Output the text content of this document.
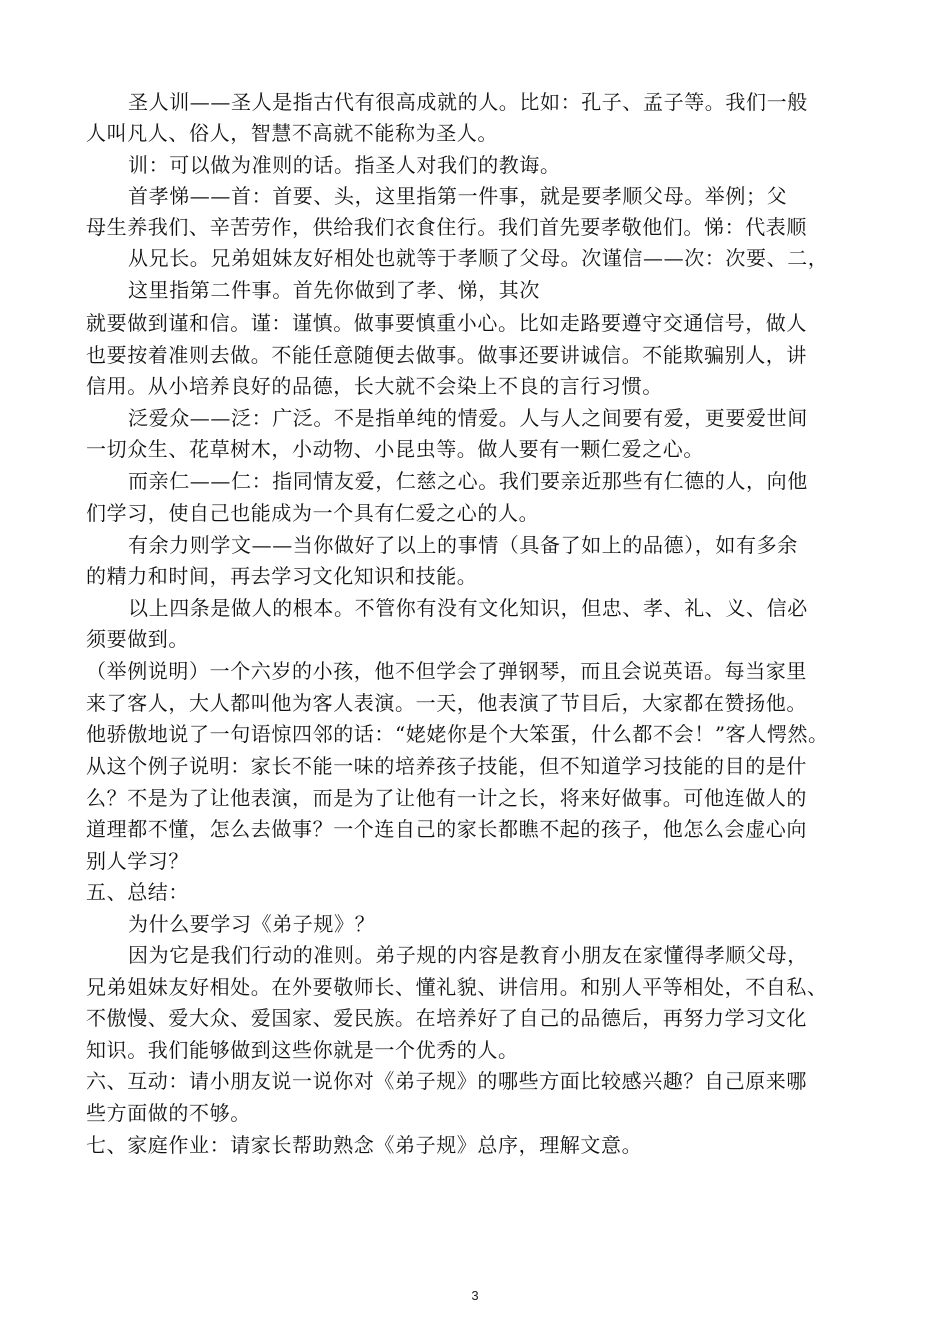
圣人训——圣人是指古代有很高成就的人。比如：孔子、孟子等。我们一般
人叫凡人、俗人，智慧不高就不能称为圣人。
训：可以做为准则的话。指圣人对我们的教诲。
首孝悌——首：首要、头，这里指第一件事，就是要孝顺父母。举例；父
母生养我们、辛苦劳作，供给我们衣食住行。我们首先要孝敬他们。悌：代表顺
从兄长。兄弟姐妹友好相处也就等于孝顺了父母。次谨信——次：次要、二，
这里指第二件事。首先你做到了孝、悌，其次
就要做到谨和信。谨：谨慎。做事要慎重小心。比如走路要遵守交通信号，做人
也要按着准则去做。不能任意随便去做事。做事还要讲诚信。不能欺骗别人，讲
信用。从小培养良好的品德，长大就不会染上不良的言行习惯。
泛爱众——泛：广泛。不是指单纯的情爱。人与人之间要有爱，更要爱世间
一切众生、花草树木，小动物、小昆虫等。做人要有一颗仁爱之心。
而亲仁——仁：指同情友爱，仁慈之心。我们要亲近那些有仁德的人，向他
们学习，使自己也能成为一个具有仁爱之心的人。
有余力则学文——当你做好了以上的事情（具备了如上的品德），如有多余
的精力和时间，再去学习文化知识和技能。
以上四条是做人的根本。不管你有没有文化知识，但忠、孝、礼、义、信必
须要做到。
（举例说明）一个六岁的小孩，他不但学会了弹钢琴，而且会说英语。每当家里
来了客人，大人都叫他为客人表演。一天，他表演了节目后，大家都在赞扬他。
他骄傲地说了一句语惊四邻的话：“姥姥你是个大笨蛋，什么都不会！”客人愕然。
从这个例子说明：家长不能一味的培养孩子技能，但不知道学习技能的目的是什
么？不是为了让他表演，而是为了让他有一计之长，将来好做事。可他连做人的
道理都不懂，怎么去做事？一个连自己的家长都瞧不起的孩子，他怎么会虚心向
别人学习？
五、总结：
为什么要学习《弟子规》？
因为它是我们行动的准则。弟子规的内容是教育小朋友在家懂得孝顺父母，
兄弟姐妹友好相处。在外要敬师长、懂礼貌、讲信用。和别人平等相处，不自私、
不傲慢、爱大众、爱国家、爱民族。在培养好了自己的品德后，再努力学习文化
知识。我们能够做到这些你就是一个优秀的人。
六、互动：请小朋友说一说你对《弟子规》的哪些方面比较感兴趣？自己原来哪
些方面做的不够。
七、家庭作业：请家长帮助熟念《弟子规》总序，理解文意。
3
